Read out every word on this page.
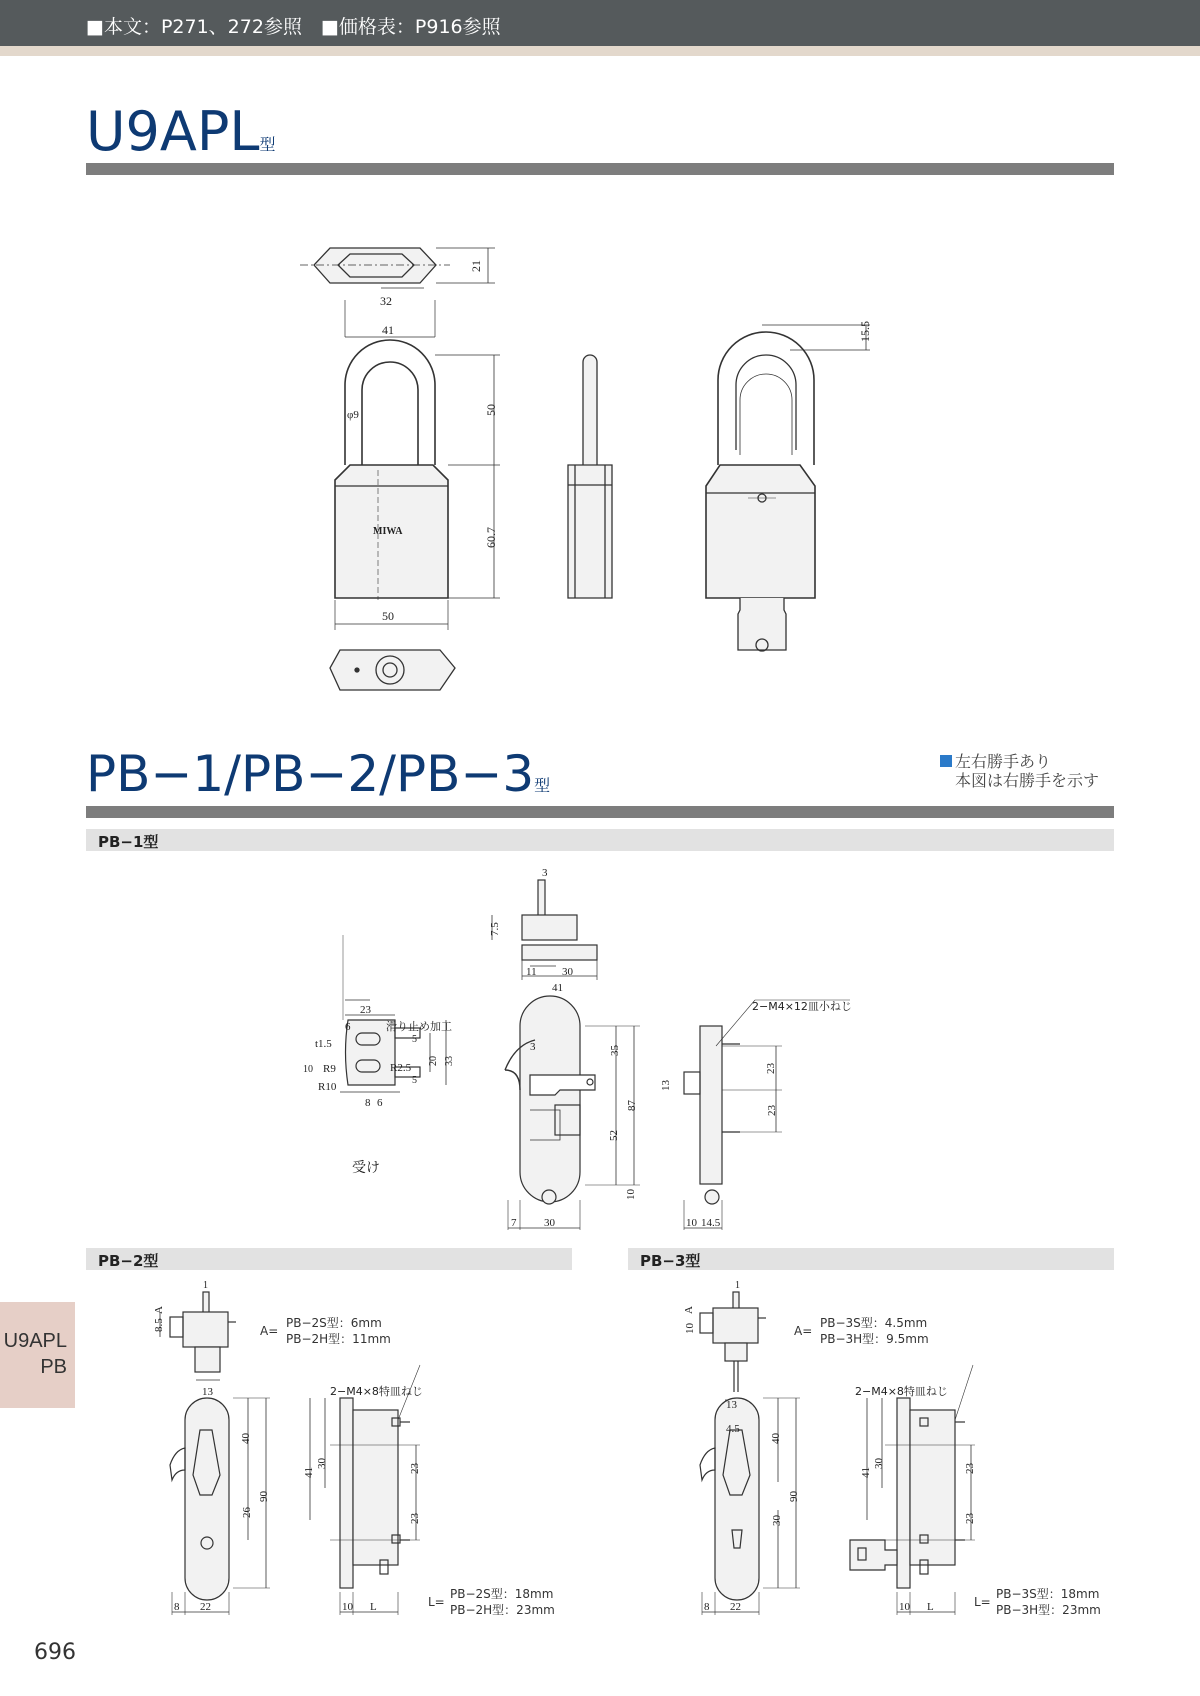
■本文：P271、272参照　■価格表：P916参照
U9APL型
21
32
41
50
60.7
50
15.5
φ9
MIWA
PB−1/PB−2/PB−3型
左右勝手あり
本図は右勝手を示す
PB−1型
3
7.5
11 30
41
23
6
t1.5
滑り止め加工
5
10 R9	R2.5
20 33
5
R10
8 6
受け
3	35
87
52
10
7	30
2−M4×12皿小ねじ
13
23
23
10 14.5
PB−2型
1
8.5
A
13
40
90
26
8 22
2−M4×8特皿ねじ
41
30	23
23
10 L
A=
PB−2S型：6mm
PB−2H型：11mm
L=
PB−2S型：18mm
PB−2H型：23mm
PB−3型
1
10
A
13
4.5
40
90
30
8 22
2−M4×8特皿ねじ
41
30	23
23
10 L
A=
PB−3S型：4.5mm
PB−3H型：9.5mm
L=
PB−3S型：18mm
PB−3H型：23mm
U9APL
PB
696
